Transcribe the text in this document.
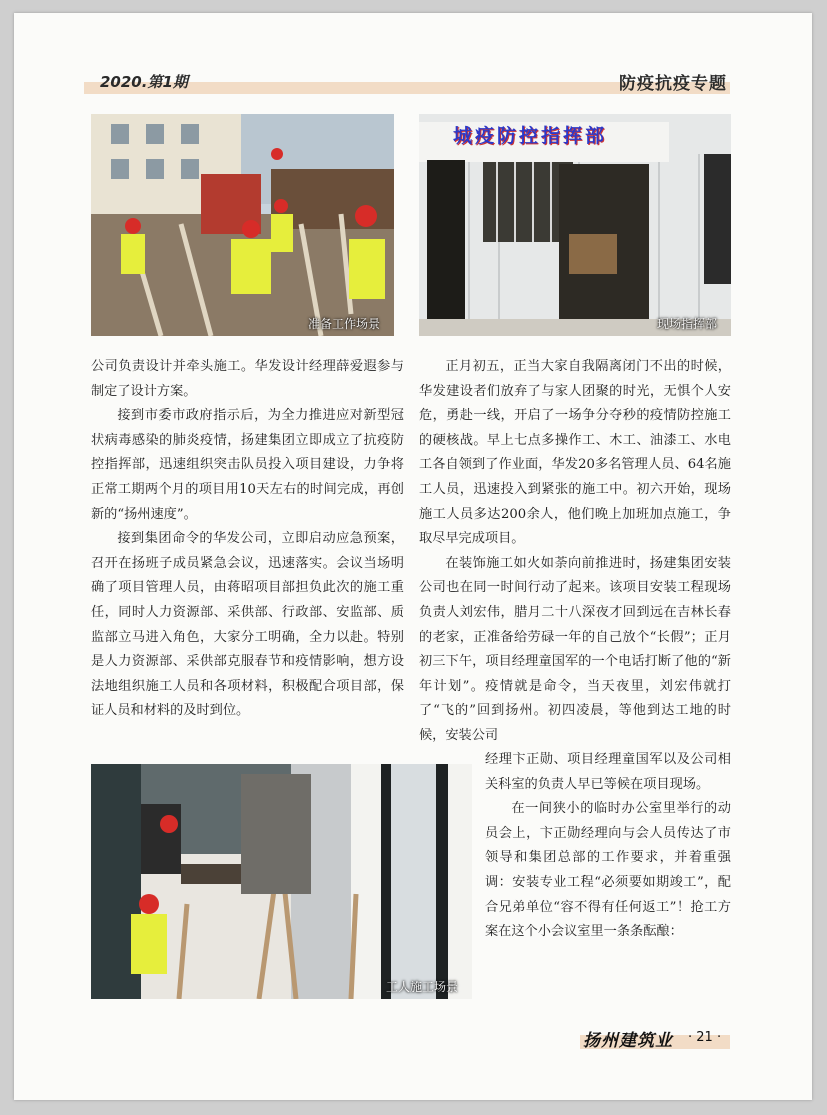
2020.第1期	防疫抗疫专题
准备工作场景
城疫防控指挥部
现场指挥部

公司负责设计并牵头施工。华发设计经理薛爱遐参与制定了设计方案。

接到市委市政府指示后，为全力推进应对新型冠状病毒感染的肺炎疫情，扬建集团立即成立了抗疫防控指挥部，迅速组织突击队员投入项目建设，力争将正常工期两个月的项目用10天左右的时间完成，再创新的“扬州速度”。

接到集团命令的华发公司，立即启动应急预案，召开在扬班子成员紧急会议，迅速落实。会议当场明确了项目管理人员，由蒋昭项目部担负此次的施工重任，同时人力资源部、采供部、行政部、安监部、质监部立马进入角色，大家分工明确，全力以赴。特别是人力资源部、采供部克服春节和疫情影响，想方设法地组织施工人员和各项材料，积极配合项目部，保证人员和材料的及时到位。

正月初五，正当大家自我隔离闭门不出的时候，华发建设者们放弃了与家人团聚的时光，无惧个人安危，勇赴一线，开启了一场争分夺秒的疫情防控施工的硬核战。早上七点多操作工、木工、油漆工、水电工各自领到了作业面，华发20多名管理人员、64名施工人员，迅速投入到紧张的施工中。初六开始，现场施工人员多达200余人，他们晚上加班加点施工，争取尽早完成项目。

在装饰施工如火如荼向前推进时，扬建集团安装公司也在同一时间行动了起来。该项目安装工程现场负责人刘宏伟，腊月二十八深夜才回到远在吉林长春的老家，正准备给劳碌一年的自己放个“长假”；正月初三下午，项目经理童国军的一个电话打断了他的“新年计划”。疫情就是命令，当天夜里，刘宏伟就打了“飞的”回到扬州。初四凌晨，等他到达工地的时候，安装公司

工人施工场景

经理卞正勋、项目经理童国军以及公司相关科室的负责人早已等候在项目现场。

在一间狭小的临时办公室里举行的动员会上，卞正勋经理向与会人员传达了市领导和集团总部的工作要求，并着重强调：安装专业工程“必须要如期竣工”，配合兄弟单位“容不得有任何返工”！抢工方案在这个小会议室里一条条酝酿：

扬州建筑业 · 21 ·
